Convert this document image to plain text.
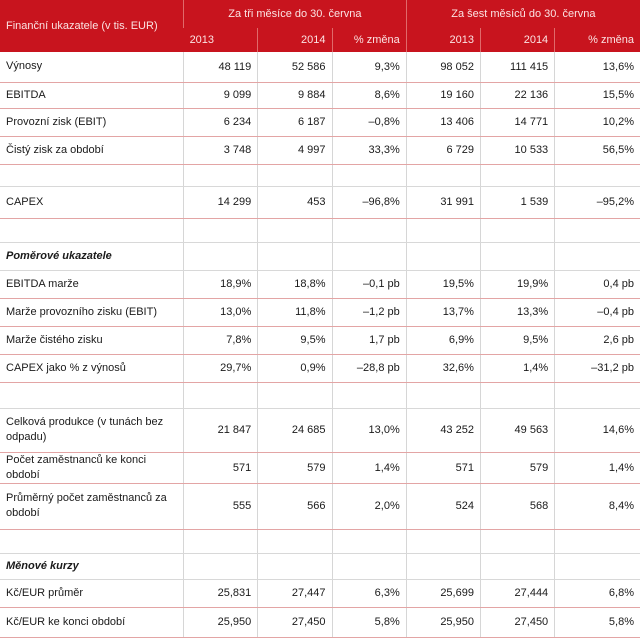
Finanční ukazatele (v tis. EUR)	Za tři měsíce do 30. června			Za šest měsíců do 30. června		
	2013	2014	% změna	2013	2014	% změna
Výnosy	48 119	52 586	9,3%	98 052	111 415	13,6%
EBITDA	9 099	9 884	8,6%	19 160	22 136	15,5%
Provozní zisk (EBIT)	6 234	6 187	–0,8%	13 406	14 771	10,2%
Čistý zisk za období	3 748	4 997	33,3%	6 729	10 533	56,5%

CAPEX	14 299	453	–96,8%	31 991	1 539	–95,2%

Poměrové ukazatele						
EBITDA marže	18,9%	18,8%	–0,1 pb	19,5%	19,9%	0,4 pb
Marže provozního zisku (EBIT)	13,0%	11,8%	–1,2 pb	13,7%	13,3%	–0,4 pb
Marže čistého zisku	7,8%	9,5%	1,7 pb	6,9%	9,5%	2,6 pb
CAPEX jako % z výnosů	29,7%	0,9%	–28,8 pb	32,6%	1,4%	–31,2 pb

Celková produkce (v tunách bez odpadu)	21 847	24 685	13,0%	43 252	49 563	14,6%
Počet zaměstnanců ke konci období	571	579	1,4%	571	579	1,4%
Průměrný počet zaměstnanců za období	555	566	2,0%	524	568	8,4%

Měnové kurzy						
Kč/EUR průměr	25,831	27,447	6,3%	25,699	27,444	6,8%
Kč/EUR ke konci období	25,950	27,450	5,8%	25,950	27,450	5,8%
